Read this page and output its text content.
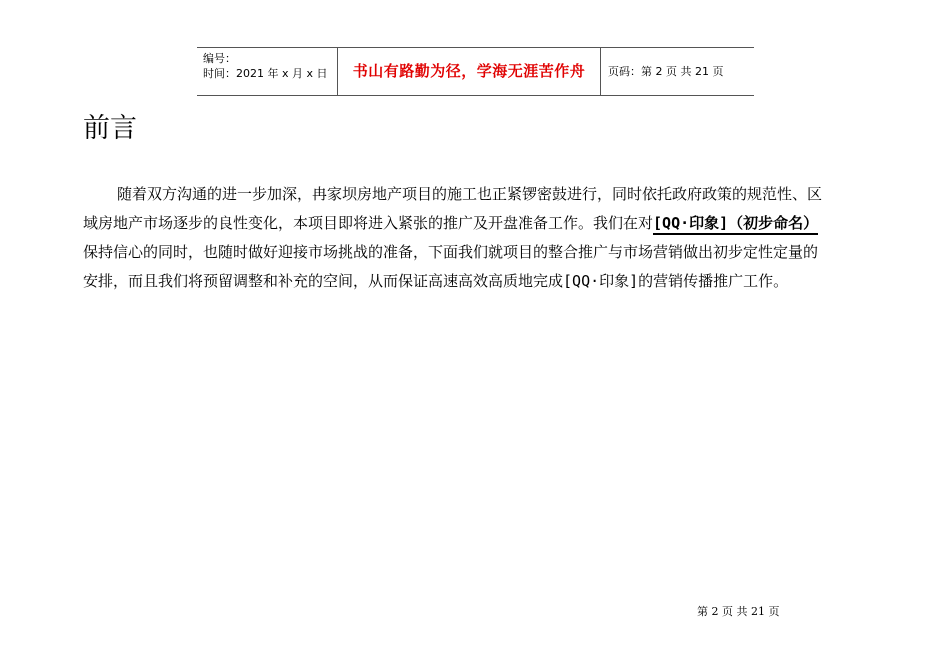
编号：
时间：2021 年 x 月 x 日	书山有路勤为径，学海无涯苦作舟	页码：第 2 页 共 21 页
前言
随着双方沟通的进一步加深，冉家坝房地产项目的施工也正紧锣密鼓进行，同时依托政府政策的规范性、区
域房地产市场逐步的良性变化，本项目即将进入紧张的推广及开盘准备工作。我们在对[QQ·印象]（初步命名）
保持信心的同时，也随时做好迎接市场挑战的准备，下面我们就项目的整合推广与市场营销做出初步定性定量的
安排，而且我们将预留调整和补充的空间，从而保证高速高效高质地完成[QQ·印象]的营销传播推广工作。
第 2 页 共 21 页
